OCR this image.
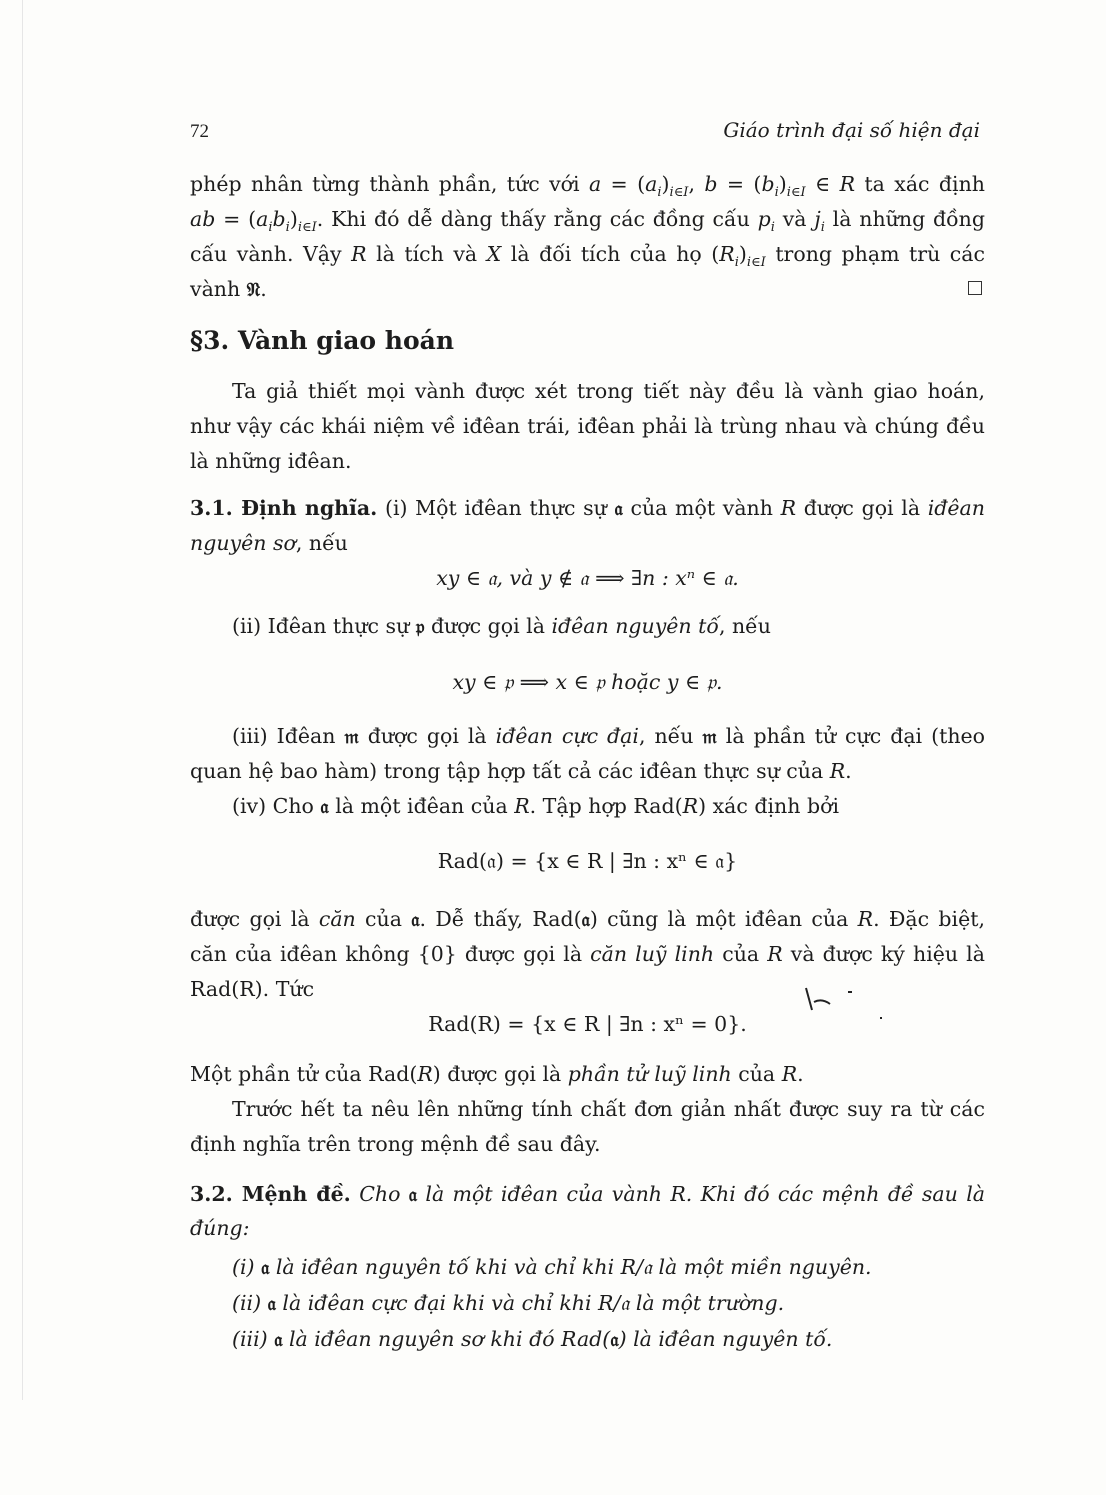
72	Giáo trình đại số hiện đại

phép nhân từng thành phần, tức với $a = (a_i)_{i\in I}$, $b = (b_i)_{i\in I}$ ∈ R ta xác định

ab = $(a_ib_i)_{i\in I}$. Khi đó dễ dàng thấy rằng các đồng cấu $p_i$ và $j_i$ là những đồng

cấu vành. Vậy R là tích và X là đối tích của họ $(R_i)_{i\in I}$ trong phạm trù các

vành 𝔑.

§3. Vành giao hoán

Ta giả thiết mọi vành được xét trong tiết này đều là vành giao hoán,

như vậy các khái niệm về iđêan trái, iđêan phải là trùng nhau và chúng đều

là những iđêan.

3.1. Định nghĩa. (i) Một iđêan thực sự 𝔞 của một vành R được gọi là iđêan

nguyên sơ, nếu

xy ∈ 𝔞, và y ∉ 𝔞 ⟹ ∃n : xⁿ ∈ 𝔞.

(ii) Iđêan thực sự 𝔭 được gọi là iđêan nguyên tố, nếu

xy ∈ 𝔭 ⟹ x ∈ 𝔭 hoặc y ∈ 𝔭.

(iii) Iđêan 𝔪 được gọi là iđêan cực đại, nếu 𝔪 là phần tử cực đại (theo

quan hệ bao hàm) trong tập hợp tất cả các iđêan thực sự của R.

(iv) Cho 𝔞 là một iđêan của R. Tập hợp Rad(R) xác định bởi

Rad(𝔞) = {x ∈ R | ∃n : xⁿ ∈ 𝔞}

được gọi là căn của 𝔞. Dễ thấy, Rad(𝔞) cũng là một iđêan của R. Đặc biệt,

căn của iđêan không {0} được gọi là căn luỹ linh của R và được ký hiệu là

Rad(R). Tức

Rad(R) = {x ∈ R | ∃n : xⁿ = 0}.

Một phần tử của Rad(R) được gọi là phần tử luỹ linh của R.

Trước hết ta nêu lên những tính chất đơn giản nhất được suy ra từ các

định nghĩa trên trong mệnh đề sau đây.

3.2. Mệnh đề. Cho 𝔞 là một iđêan của vành R. Khi đó các mệnh đề sau là

đúng:

(i) 𝔞 là iđêan nguyên tố khi và chỉ khi R/𝔞 là một miền nguyên.

(ii) 𝔞 là iđêan cực đại khi và chỉ khi R/𝔞 là một trường.

(iii) 𝔞 là iđêan nguyên sơ khi đó Rad(𝔞) là iđêan nguyên tố.
